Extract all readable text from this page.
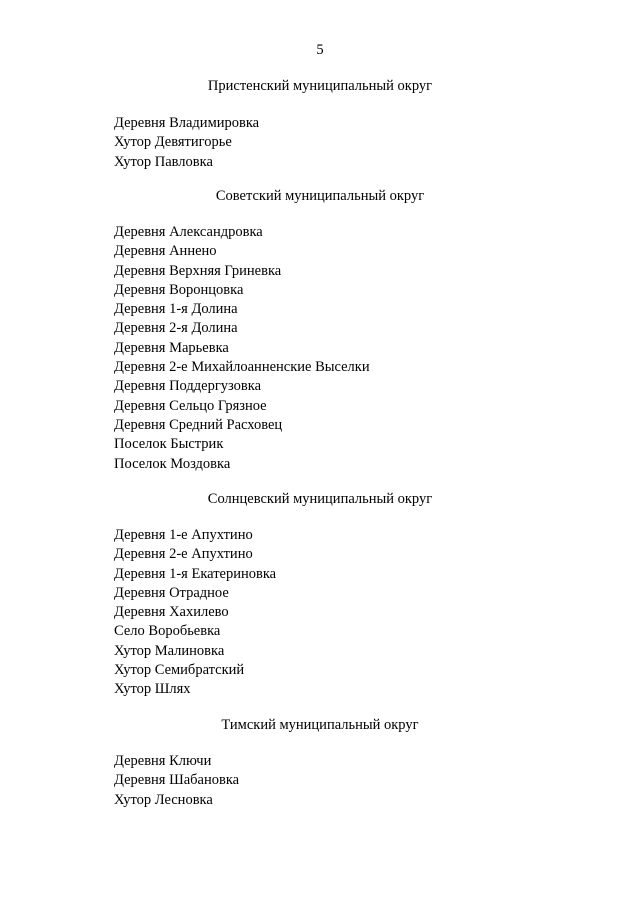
5
Пристенский муниципальный округ
Деревня Владимировка
Хутор Девятигорье
Хутор Павловка
Советский муниципальный округ
Деревня Александровка
Деревня Аннено
Деревня Верхняя Гриневка
Деревня Воронцовка
Деревня 1-я Долина
Деревня 2-я Долина
Деревня Марьевка
Деревня 2-е Михайлоанненские Выселки
Деревня Поддергузовка
Деревня Сельцо Грязное
Деревня Средний Расховец
Поселок Быстрик
Поселок Моздовка
Солнцевский муниципальный округ
Деревня 1-е Апухтино
Деревня 2-е Апухтино
Деревня 1-я Екатериновка
Деревня Отрадное
Деревня Хахилево
Село Воробьевка
Хутор Малиновка
Хутор Семибратский
Хутор Шлях
Тимский муниципальный округ
Деревня Ключи
Деревня Шабановка
Хутор Лесновка
